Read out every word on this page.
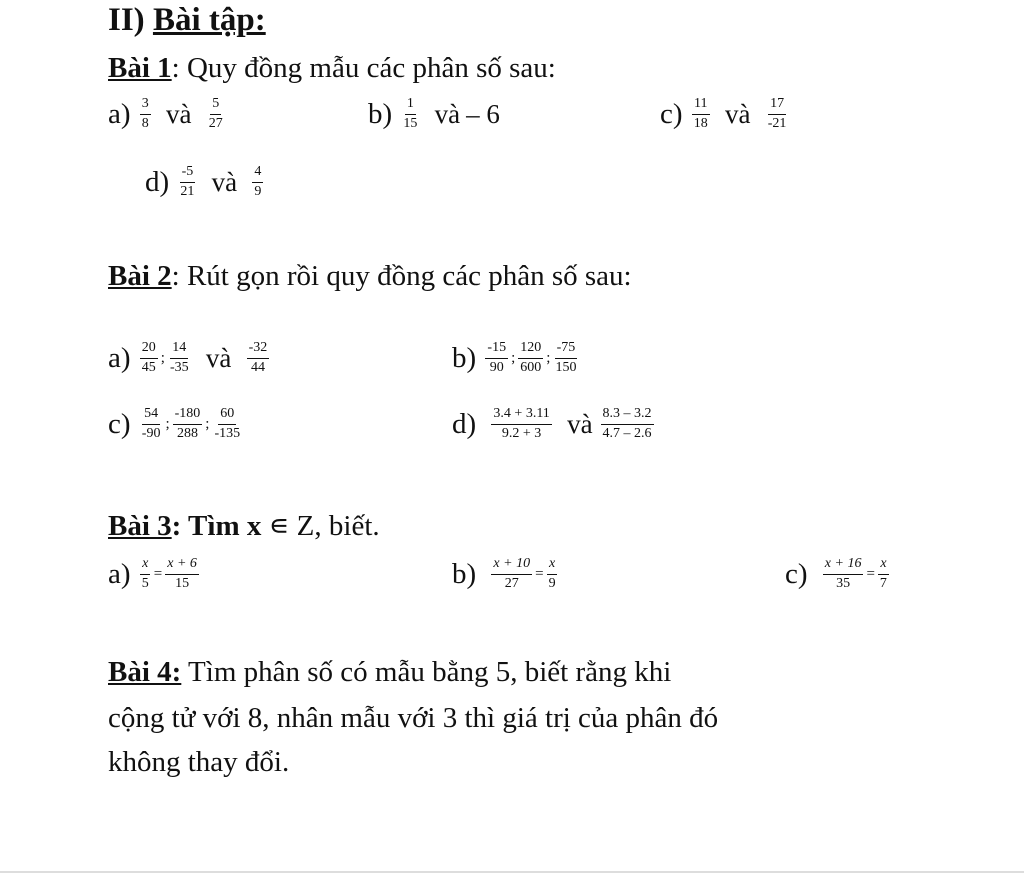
II) Bài tập:
Bài 1: Quy đồng mẫu các phân số sau:
$a) \frac{3}{8}$ và $\frac{5}{27}$	$b) \frac{1}{15}$ và – 6	$c) \frac{11}{18}$ và $\frac{17}{-21}$
$d) \frac{-5}{21}$ và $\frac{4}{9}$
Bài 2: Rút gọn rồi quy đồng các phân số sau:
$a) \frac{20}{45}$ ; $\frac{14}{-35}$ và $\frac{-32}{44}$	$b) \frac{-15}{90}$ ; $\frac{120}{600}$ ; $\frac{-75}{150}$
$c) \frac{54}{-90}$ ; $\frac{-180}{288}$ ; $\frac{60}{-135}$	$d) \frac{3.4 + 3.11}{9.2 + 3}$ và $\frac{8.3 - 3.2}{4.7 - 2.6}$
Bài 3: Tìm x ∊ Z, biết.
$a) \frac{x}{5} = \frac{x + 6}{15}$	$b) \frac{x + 10}{27} = \frac{x}{9}$	$c) \frac{x + 16}{35} = \frac{x}{7}$
Bài 4: Tìm phân số có mẫu bằng 5, biết rằng khi
cộng tử với 8, nhân mẫu với 3 thì giá trị của phân đó
không thay đổi.
